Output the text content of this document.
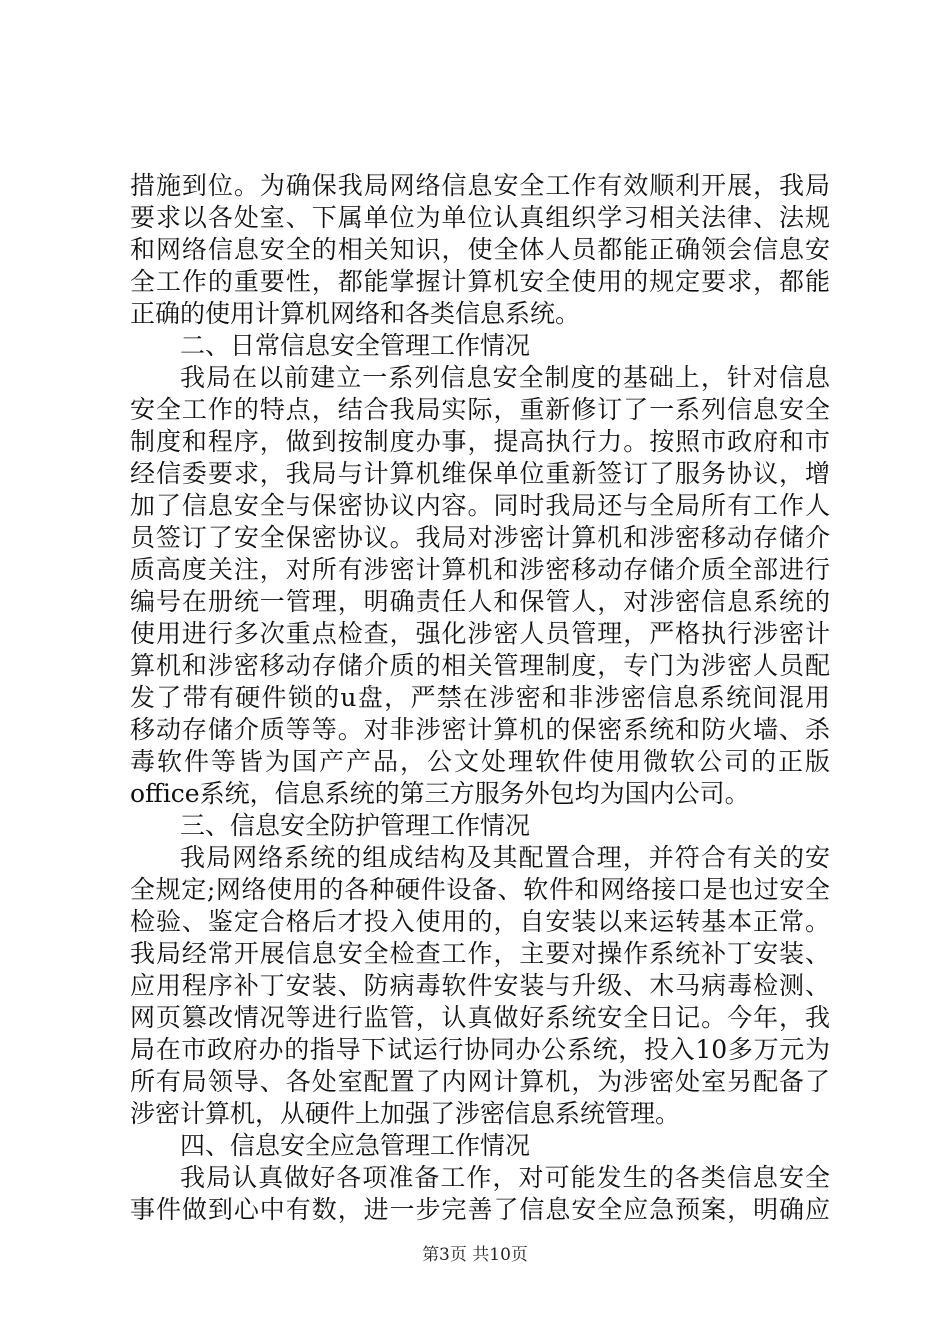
措施到位。为确保我局网络信息安全工作有效顺利开展，我局
要求以各处室、下属单位为单位认真组织学习相关法律、法规
和网络信息安全的相关知识，使全体人员都能正确领会信息安
全工作的重要性，都能掌握计算机安全使用的规定要求，都能
正确的使用计算机网络和各类信息系统。
二、日常信息安全管理工作情况
我局在以前建立一系列信息安全制度的基础上，针对信息
安全工作的特点，结合我局实际，重新修订了一系列信息安全
制度和程序，做到按制度办事，提高执行力。按照市政府和市
经信委要求，我局与计算机维保单位重新签订了服务协议，增
加了信息安全与保密协议内容。同时我局还与全局所有工作人
员签订了安全保密协议。我局对涉密计算机和涉密移动存储介
质高度关注，对所有涉密计算机和涉密移动存储介质全部进行
编号在册统一管理，明确责任人和保管人，对涉密信息系统的
使用进行多次重点检查，强化涉密人员管理，严格执行涉密计
算机和涉密移动存储介质的相关管理制度，专门为涉密人员配
发了带有硬件锁的u盘，严禁在涉密和非涉密信息系统间混用
移动存储介质等等。对非涉密计算机的保密系统和防火墙、杀
毒软件等皆为国产产品，公文处理软件使用微软公司的正版
office系统，信息系统的第三方服务外包均为国内公司。
三、信息安全防护管理工作情况
我局网络系统的组成结构及其配置合理，并符合有关的安
全规定;网络使用的各种硬件设备、软件和网络接口是也过安全
检验、鉴定合格后才投入使用的，自安装以来运转基本正常。
我局经常开展信息安全检查工作，主要对操作系统补丁安装、
应用程序补丁安装、防病毒软件安装与升级、木马病毒检测、
网页篡改情况等进行监管，认真做好系统安全日记。今年，我
局在市政府办的指导下试运行协同办公系统，投入10多万元为
所有局领导、各处室配置了内网计算机，为涉密处室另配备了
涉密计算机，从硬件上加强了涉密信息系统管理。
四、信息安全应急管理工作情况
我局认真做好各项准备工作，对可能发生的各类信息安全
事件做到心中有数，进一步完善了信息安全应急预案，明确应
第3页 共10页
